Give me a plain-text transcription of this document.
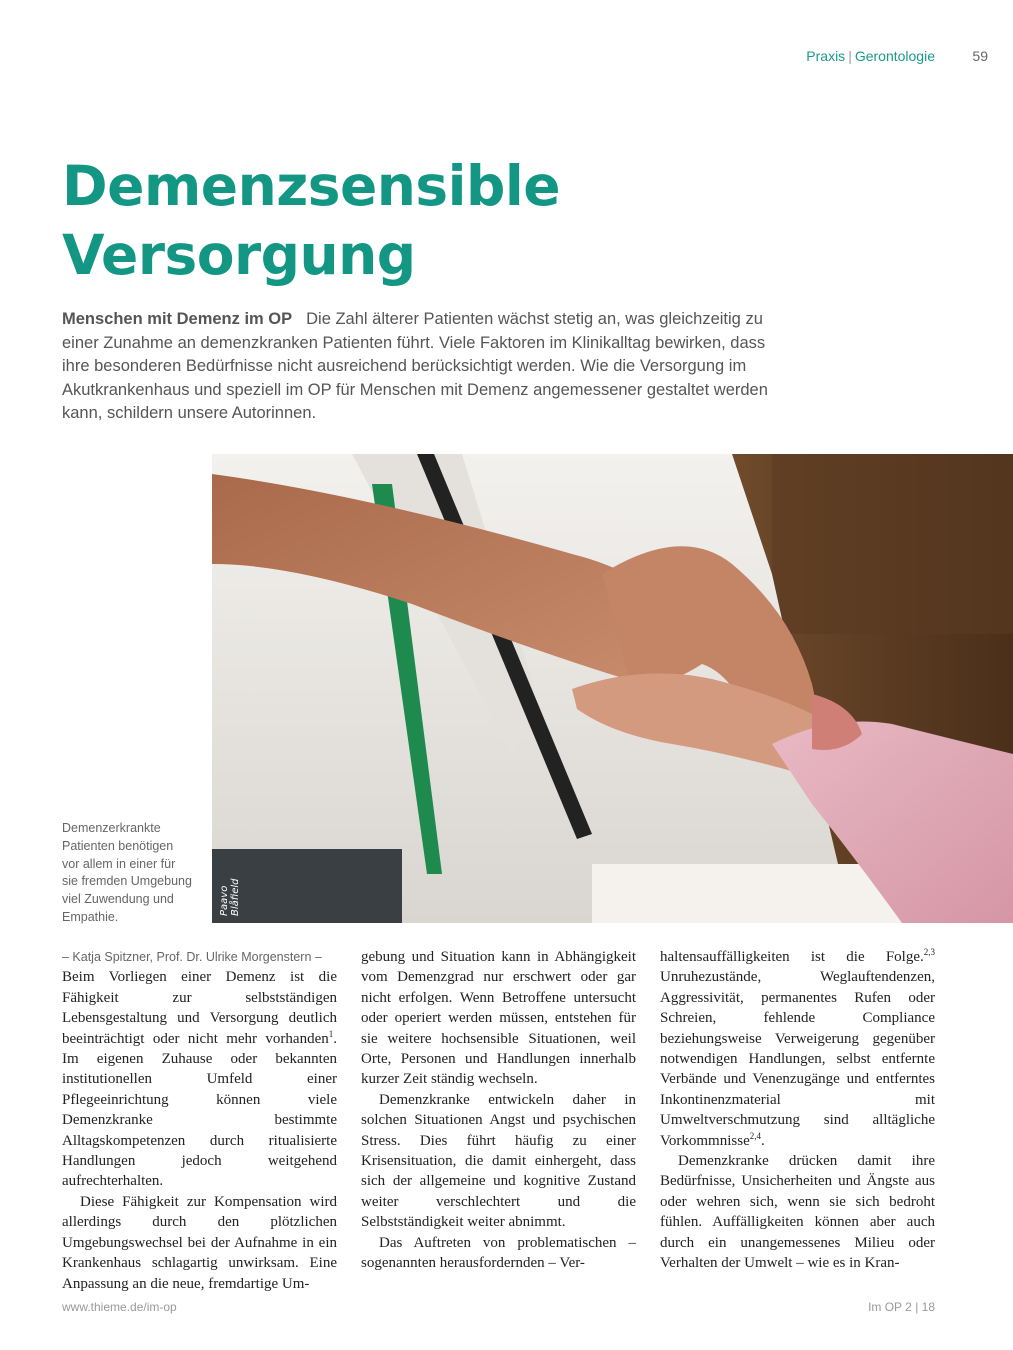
Praxis | Gerontologie	59
Demenzsensible
Versorgung

Menschen mit Demenz im OP Die Zahl älterer Patienten wächst stetig an, was gleichzeitig zu einer Zunahme an demenzkranken Patienten führt. Viele Faktoren im Klinikalltag bewirken, dass ihre besonderen Bedürfnisse nicht ausreichend berücksichtigt werden. Wie die Versorgung im Akutkrankenhaus und speziell im OP für Menschen mit Demenz angemessener gestaltet werden kann, schildern unsere Autorinnen.

Paavo Blåfield

Demenzerkrankte Patienten benötigen vor allem in einer für sie fremden Umgebung viel Zuwendung und Empathie.

– Katja Spitzner, Prof. Dr. Ulrike Morgenstern –

Beim Vorliegen einer Demenz ist die Fähigkeit zur selbstständigen Lebensgestaltung und Versorgung deutlich beeinträchtigt oder nicht mehr vorhanden$^1$. Im eigenen Zuhause oder bekannten institutionellen Umfeld einer Pflegeeinrichtung können viele Demenzkranke bestimmte Alltagskompetenzen durch ritualisierte Handlungen jedoch weitgehend aufrechterhalten.

Diese Fähigkeit zur Kompensation wird allerdings durch den plötzlichen Umgebungswechsel bei der Aufnahme in ein Krankenhaus schlagartig unwirksam. Eine Anpassung an die neue, fremdartige Um-

gebung und Situation kann in Abhängigkeit vom Demenzgrad nur erschwert oder gar nicht erfolgen. Wenn Betroffene untersucht oder operiert werden müssen, entstehen für sie weitere hochsensible Situationen, weil Orte, Personen und Handlungen innerhalb kurzer Zeit ständig wechseln.

Demenzkranke entwickeln daher in solchen Situationen Angst und psychischen Stress. Dies führt häufig zu einer Krisensituation, die damit einhergeht, dass sich der allgemeine und kognitive Zustand weiter verschlechtert und die Selbstständigkeit weiter abnimmt.

Das Auftreten von problematischen – sogenannten herausfordernden – Ver-

haltensauffälligkeiten ist die Folge.$^{2,3}$ Unruhezustände, Weglauftendenzen, Aggressivität, permanentes Rufen oder Schreien, fehlende Compliance beziehungsweise Verweigerung gegenüber notwendigen Handlungen, selbst entfernte Verbände und Venenzugänge und entferntes Inkontinenzmaterial mit Umweltverschmutzung sind alltägliche Vorkommnisse$^{2,4}$.

Demenzkranke drücken damit ihre Bedürfnisse, Unsicherheiten und Ängste aus oder wehren sich, wenn sie sich bedroht fühlen. Auffälligkeiten können aber auch durch ein unangemessenes Milieu oder Verhalten der Umwelt – wie es in Kran-

www.thieme.de/im-op	Im OP 2 | 18
